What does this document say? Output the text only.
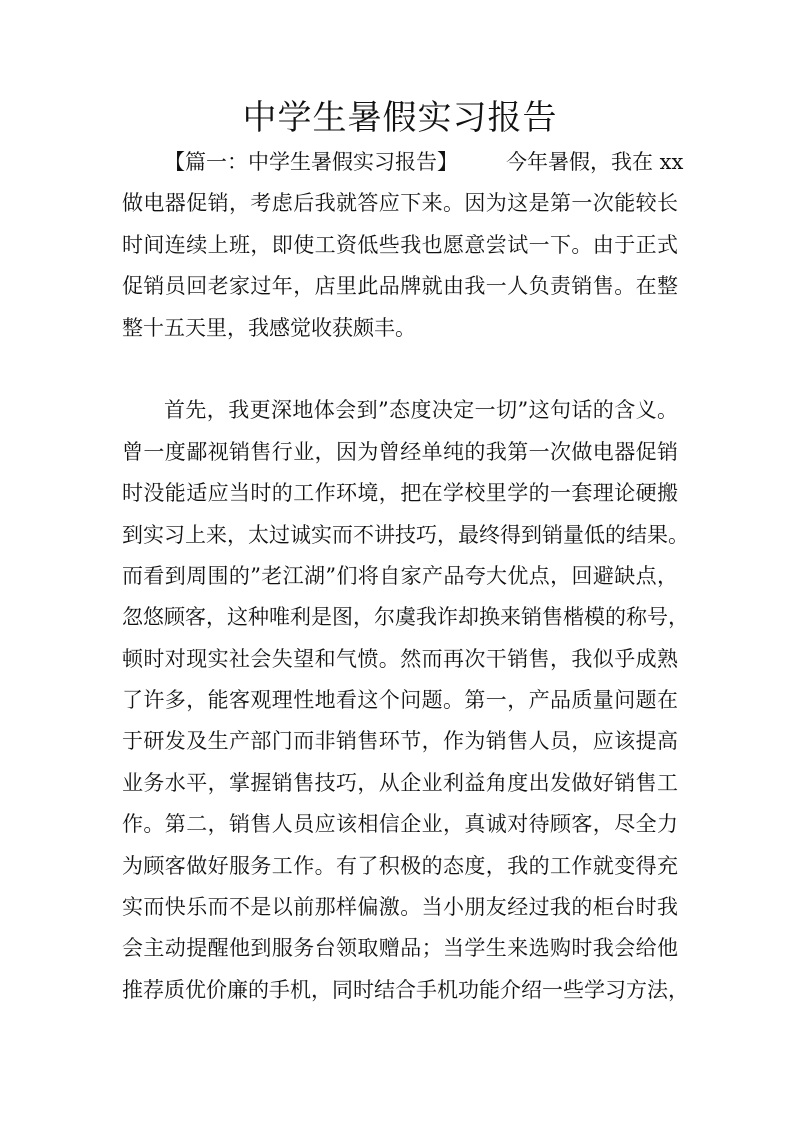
中学生暑假实习报告
【篇一：中学生暑假实习报告】 今年暑假，我在 xx
做电器促销，考虑后我就答应下来。因为这是第一次能较长
时间连续上班，即使工资低些我也愿意尝试一下。由于正式
促销员回老家过年，店里此品牌就由我一人负责销售。在整
整十五天里，我感觉收获颇丰。
首先，我更深地体会到”态度决定一切”这句话的含义。
曾一度鄙视销售行业，因为曾经单纯的我第一次做电器促销
时没能适应当时的工作环境，把在学校里学的一套理论硬搬
到实习上来，太过诚实而不讲技巧，最终得到销量低的结果。
而看到周围的”老江湖”们将自家产品夸大优点，回避缺点，
忽悠顾客，这种唯利是图，尔虞我诈却换来销售楷模的称号，
顿时对现实社会失望和气愤。然而再次干销售，我似乎成熟
了许多，能客观理性地看这个问题。第一，产品质量问题在
于研发及生产部门而非销售环节，作为销售人员，应该提高
业务水平，掌握销售技巧，从企业利益角度出发做好销售工
作。第二，销售人员应该相信企业，真诚对待顾客，尽全力
为顾客做好服务工作。有了积极的态度，我的工作就变得充
实而快乐而不是以前那样偏激。当小朋友经过我的柜台时我
会主动提醒他到服务台领取赠品；当学生来选购时我会给他
推荐质优价廉的手机，同时结合手机功能介绍一些学习方法，
